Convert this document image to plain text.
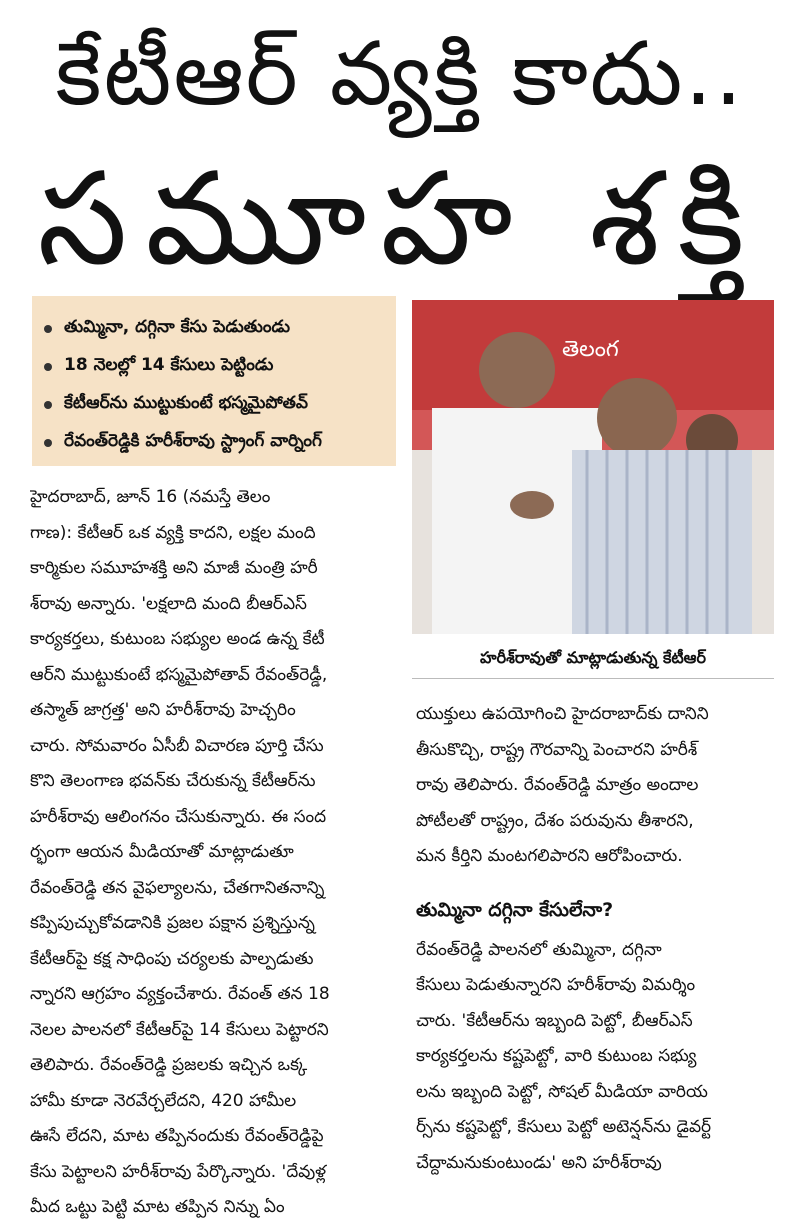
కేటీఆర్ వ్యక్తి కాదు..
సమూహ శక్తి
తుమ్మినా, దగ్గినా కేసు పెడుతుండు
18 నెలల్లో 14 కేసులు పెట్టిండు
కేటీఆర్‌ను ముట్టుకుంటే భస్మమైపోతవ్
రేవంత్‌రెడ్డికి హరీశ్‌రావు స్ట్రాంగ్ వార్నింగ్

హైదరాబాద్, జూన్ 16 (నమస్తే తెలం
గాణ): కేటీఆర్ ఒక వ్యక్తి కాదని, లక్షల మంది
కార్మికుల సమూహశక్తి అని మాజీ మంత్రి హరీ
శ్‌రావు అన్నారు. 'లక్షలాది మంది బీఆర్‌ఎస్
కార్యకర్తలు, కుటుంబ సభ్యుల అండ ఉన్న కేటీ
ఆర్‌ని ముట్టుకుంటే భస్మమైపోతావ్ రేవంత్‌రెడ్డీ,
తస్మాత్ జాగ్రత్త' అని హరీశ్‌రావు హెచ్చరిం
చారు. సోమవారం ఏసీబీ విచారణ పూర్తి చేసు
కొని తెలంగాణ భవన్‌కు చేరుకున్న కేటీఆర్‌ను
హరీశ్‌రావు ఆలింగనం చేసుకున్నారు. ఈ సంద
ర్భంగా ఆయన మీడియాతో మాట్లాడుతూ
రేవంత్‌రెడ్డి తన వైఫల్యాలను, చేతగానితనాన్ని
కప్పిపుచ్చుకోవడానికి ప్రజల పక్షాన ప్రశ్నిస్తున్న
కేటీఆర్‌పై కక్ష సాధింపు చర్యలకు పాల్పడుతు
న్నారని ఆగ్రహం వ్యక్తంచేశారు. రేవంత్ తన 18
నెలల పాలనలో కేటీఆర్‌పై 14 కేసులు పెట్టారని
తెలిపారు. రేవంత్‌రెడ్డి ప్రజలకు ఇచ్చిన ఒక్క
హామీ కూడా నెరవేర్చలేదని, 420 హామీల
ఊసే లేదని, మాట తప్పినందుకు రేవంత్‌రెడ్డిపై
కేసు పెట్టాలని హరీశ్‌రావు పేర్కొన్నారు. 'దేవుళ్ల
మీద ఒట్టు పెట్టి మాట తప్పిన నిన్ను ఏం

తెలంగ
హరీశ్‌రావుతో మాట్లాడుతున్న కేటీఆర్

యుక్తులు ఉపయోగించి హైదరాబాద్‌కు దానిని
తీసుకొచ్చి, రాష్ట్ర గౌరవాన్ని పెంచారని హరీశ్
రావు తెలిపారు. రేవంత్‌రెడ్డి మాత్రం అందాల
పోటీలతో రాష్ట్రం, దేశం పరువును తీశారని,
మన కీర్తిని మంటగలిపారని ఆరోపించారు.

తుమ్మినా దగ్గినా కేసులేనా?

రేవంత్‌రెడ్డి పాలనలో తుమ్మినా, దగ్గినా
కేసులు పెడుతున్నారని హరీశ్‌రావు విమర్శిం
చారు. 'కేటీఆర్‌ను ఇబ్బంది పెట్టో, బీఆర్‌ఎస్
కార్యకర్తలను కష్టపెట్టో, వారి కుటుంబ సభ్యు
లను ఇబ్బంది పెట్టో, సోషల్ మీడియా వారియ
ర్స్‌ను కష్టపెట్టో, కేసులు పెట్టో అటెన్షన్‌ను డైవర్ట్
చేద్దామనుకుంటుండు' అని హరీశ్‌రావు
